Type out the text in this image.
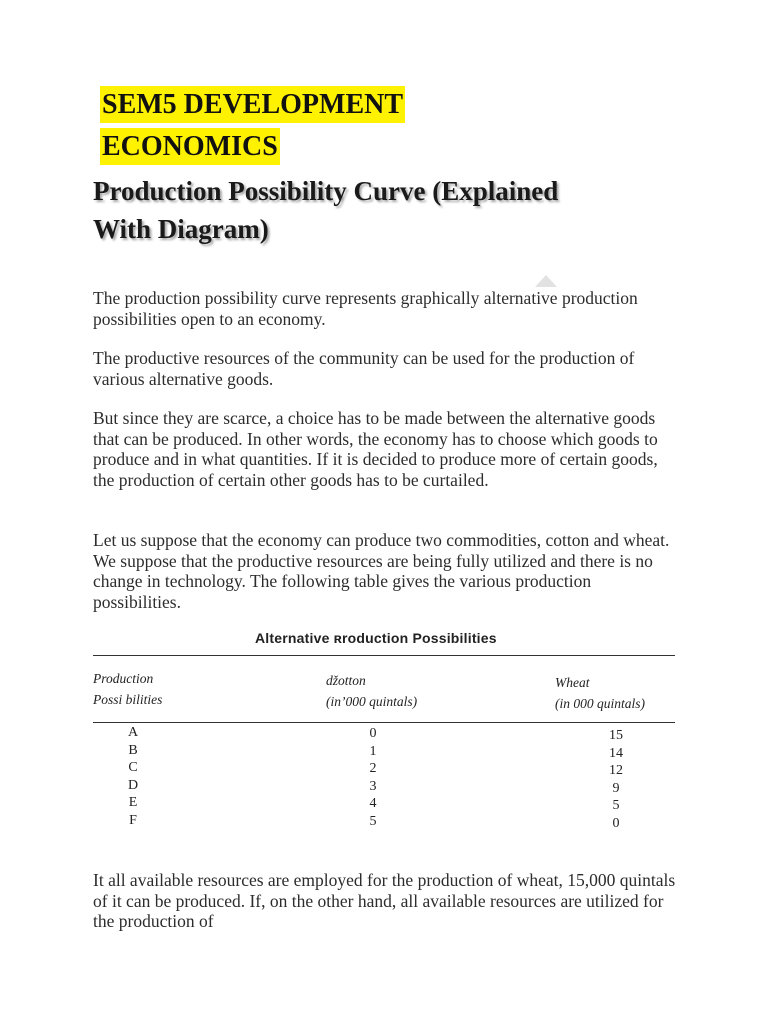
SEM5 DEVELOPMENT
ECONOMICS
Production Possibility Curve (Explained
With Diagram)

The production possibility curve represents graphically alternative production possibilities open to an economy.

The productive resources of the community can be used for the production of various alternative goods.

But since they are scarce, a choice has to be made between the alternative goods that can be produced. In other words, the economy has to choose which goods to produce and in what quantities. If it is decided to produce more of certain goods, the production of certain other goods has to be curtailed.

Let us suppose that the economy can produce two commodities, cotton and wheat. We suppose that the productive resources are being fully utilized and there is no change in technology. The following table gives the various production possibilities.

Alternative ʀroduction Possibilities
Production
Possi bilities
ǆotton
(in’000 quintals)
Wheat
(in 000 quintals)
A
B
C
D
E
F
0
1
2
3
4
5
15
14
12
9
5
0

It all available resources are employed for the production of wheat, 15,000 quintals of it can be produced. If, on the other hand, all available resources are utilized for the production of
